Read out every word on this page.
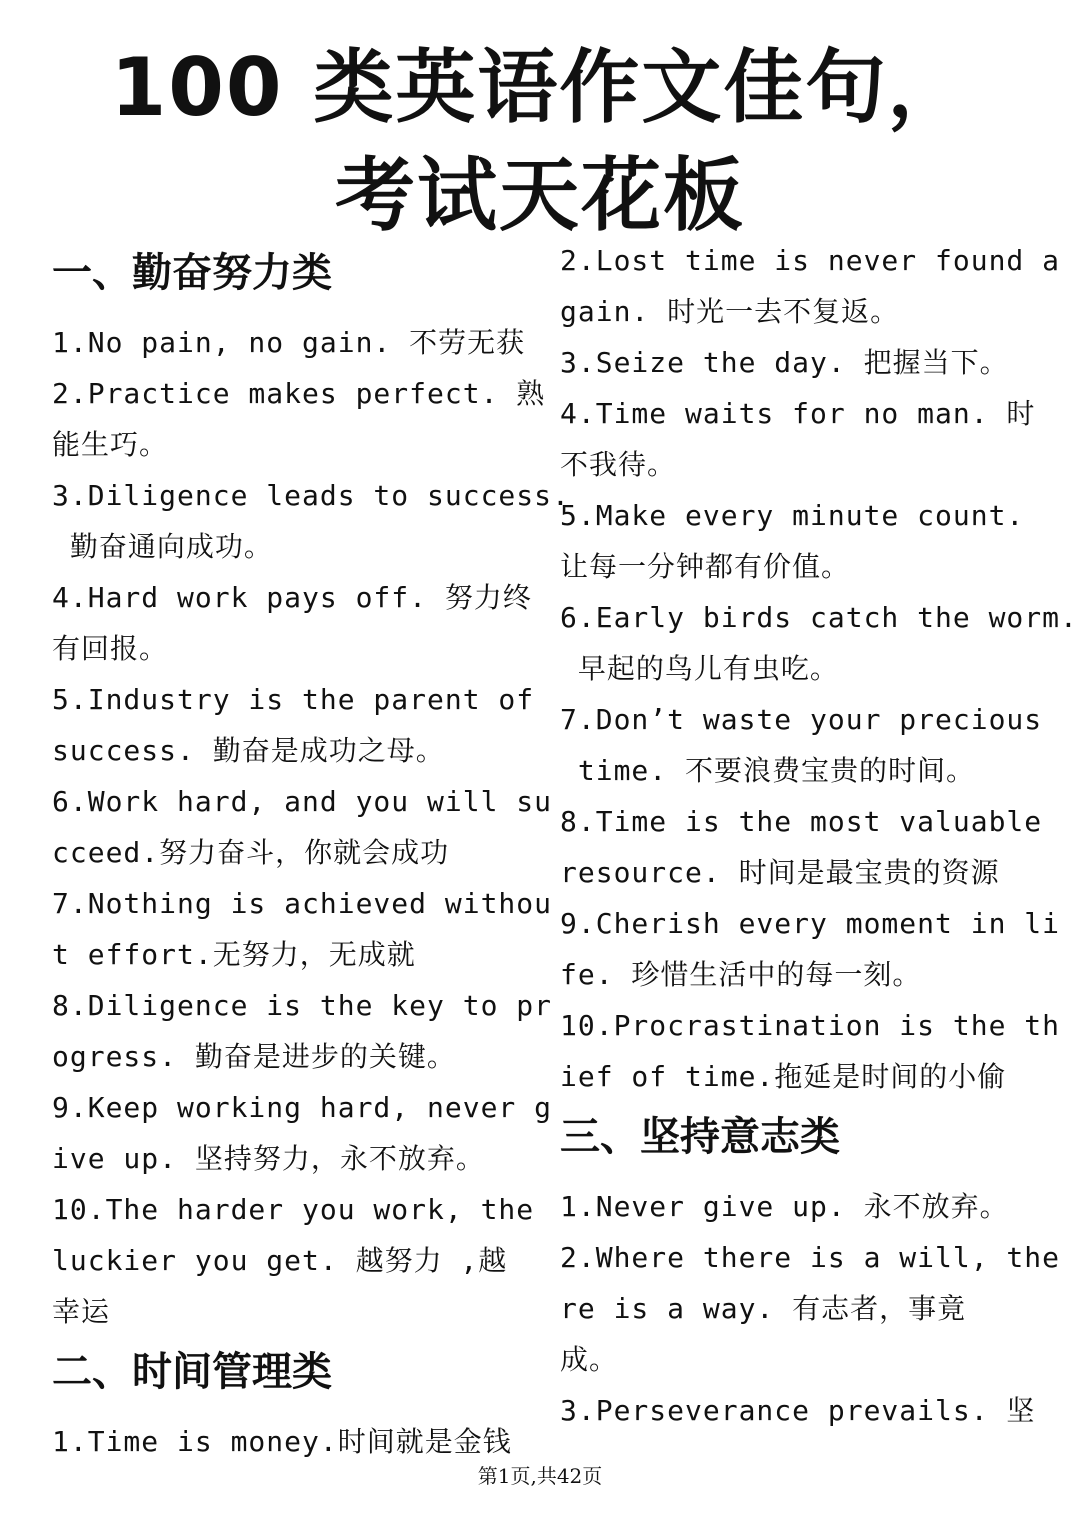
100 类英语作文佳句，
考试天花板
一、勤奋努力类
1.No pain, no gain. 不劳无获
2.Practice makes perfect. 熟
能生巧。
3.Diligence leads to success.
勤奋通向成功。
4.Hard work pays off. 努力终
有回报。
5.Industry is the parent of
success. 勤奋是成功之母。
6.Work hard, and you will su
cceed.努力奋斗，你就会成功
7.Nothing is achieved withou
t effort.无努力，无成就
8.Diligence is the key to pr
ogress. 勤奋是进步的关键。
9.Keep working hard, never g
ive up. 坚持努力，永不放弃。
10.The harder you work, the
luckier you get. 越努力 ,越
幸运
二、时间管理类
1.Time is money.时间就是金钱
2.Lost time is never found a
gain. 时光一去不复返。
3.Seize the day. 把握当下。
4.Time waits for no man. 时
不我待。
5.Make every minute count.
让每一分钟都有价值。
6.Early birds catch the worm.
早起的鸟儿有虫吃。
7.Don’t waste your precious
time. 不要浪费宝贵的时间。
8.Time is the most valuable
resource. 时间是最宝贵的资源
9.Cherish every moment in li
fe. 珍惜生活中的每一刻。
10.Procrastination is the th
ief of time.拖延是时间的小偷
三、坚持意志类
1.Never give up. 永不放弃。
2.Where there is a will, the
re is a way. 有志者，事竟
成。
3.Perseverance prevails. 坚
第1页,共42页
